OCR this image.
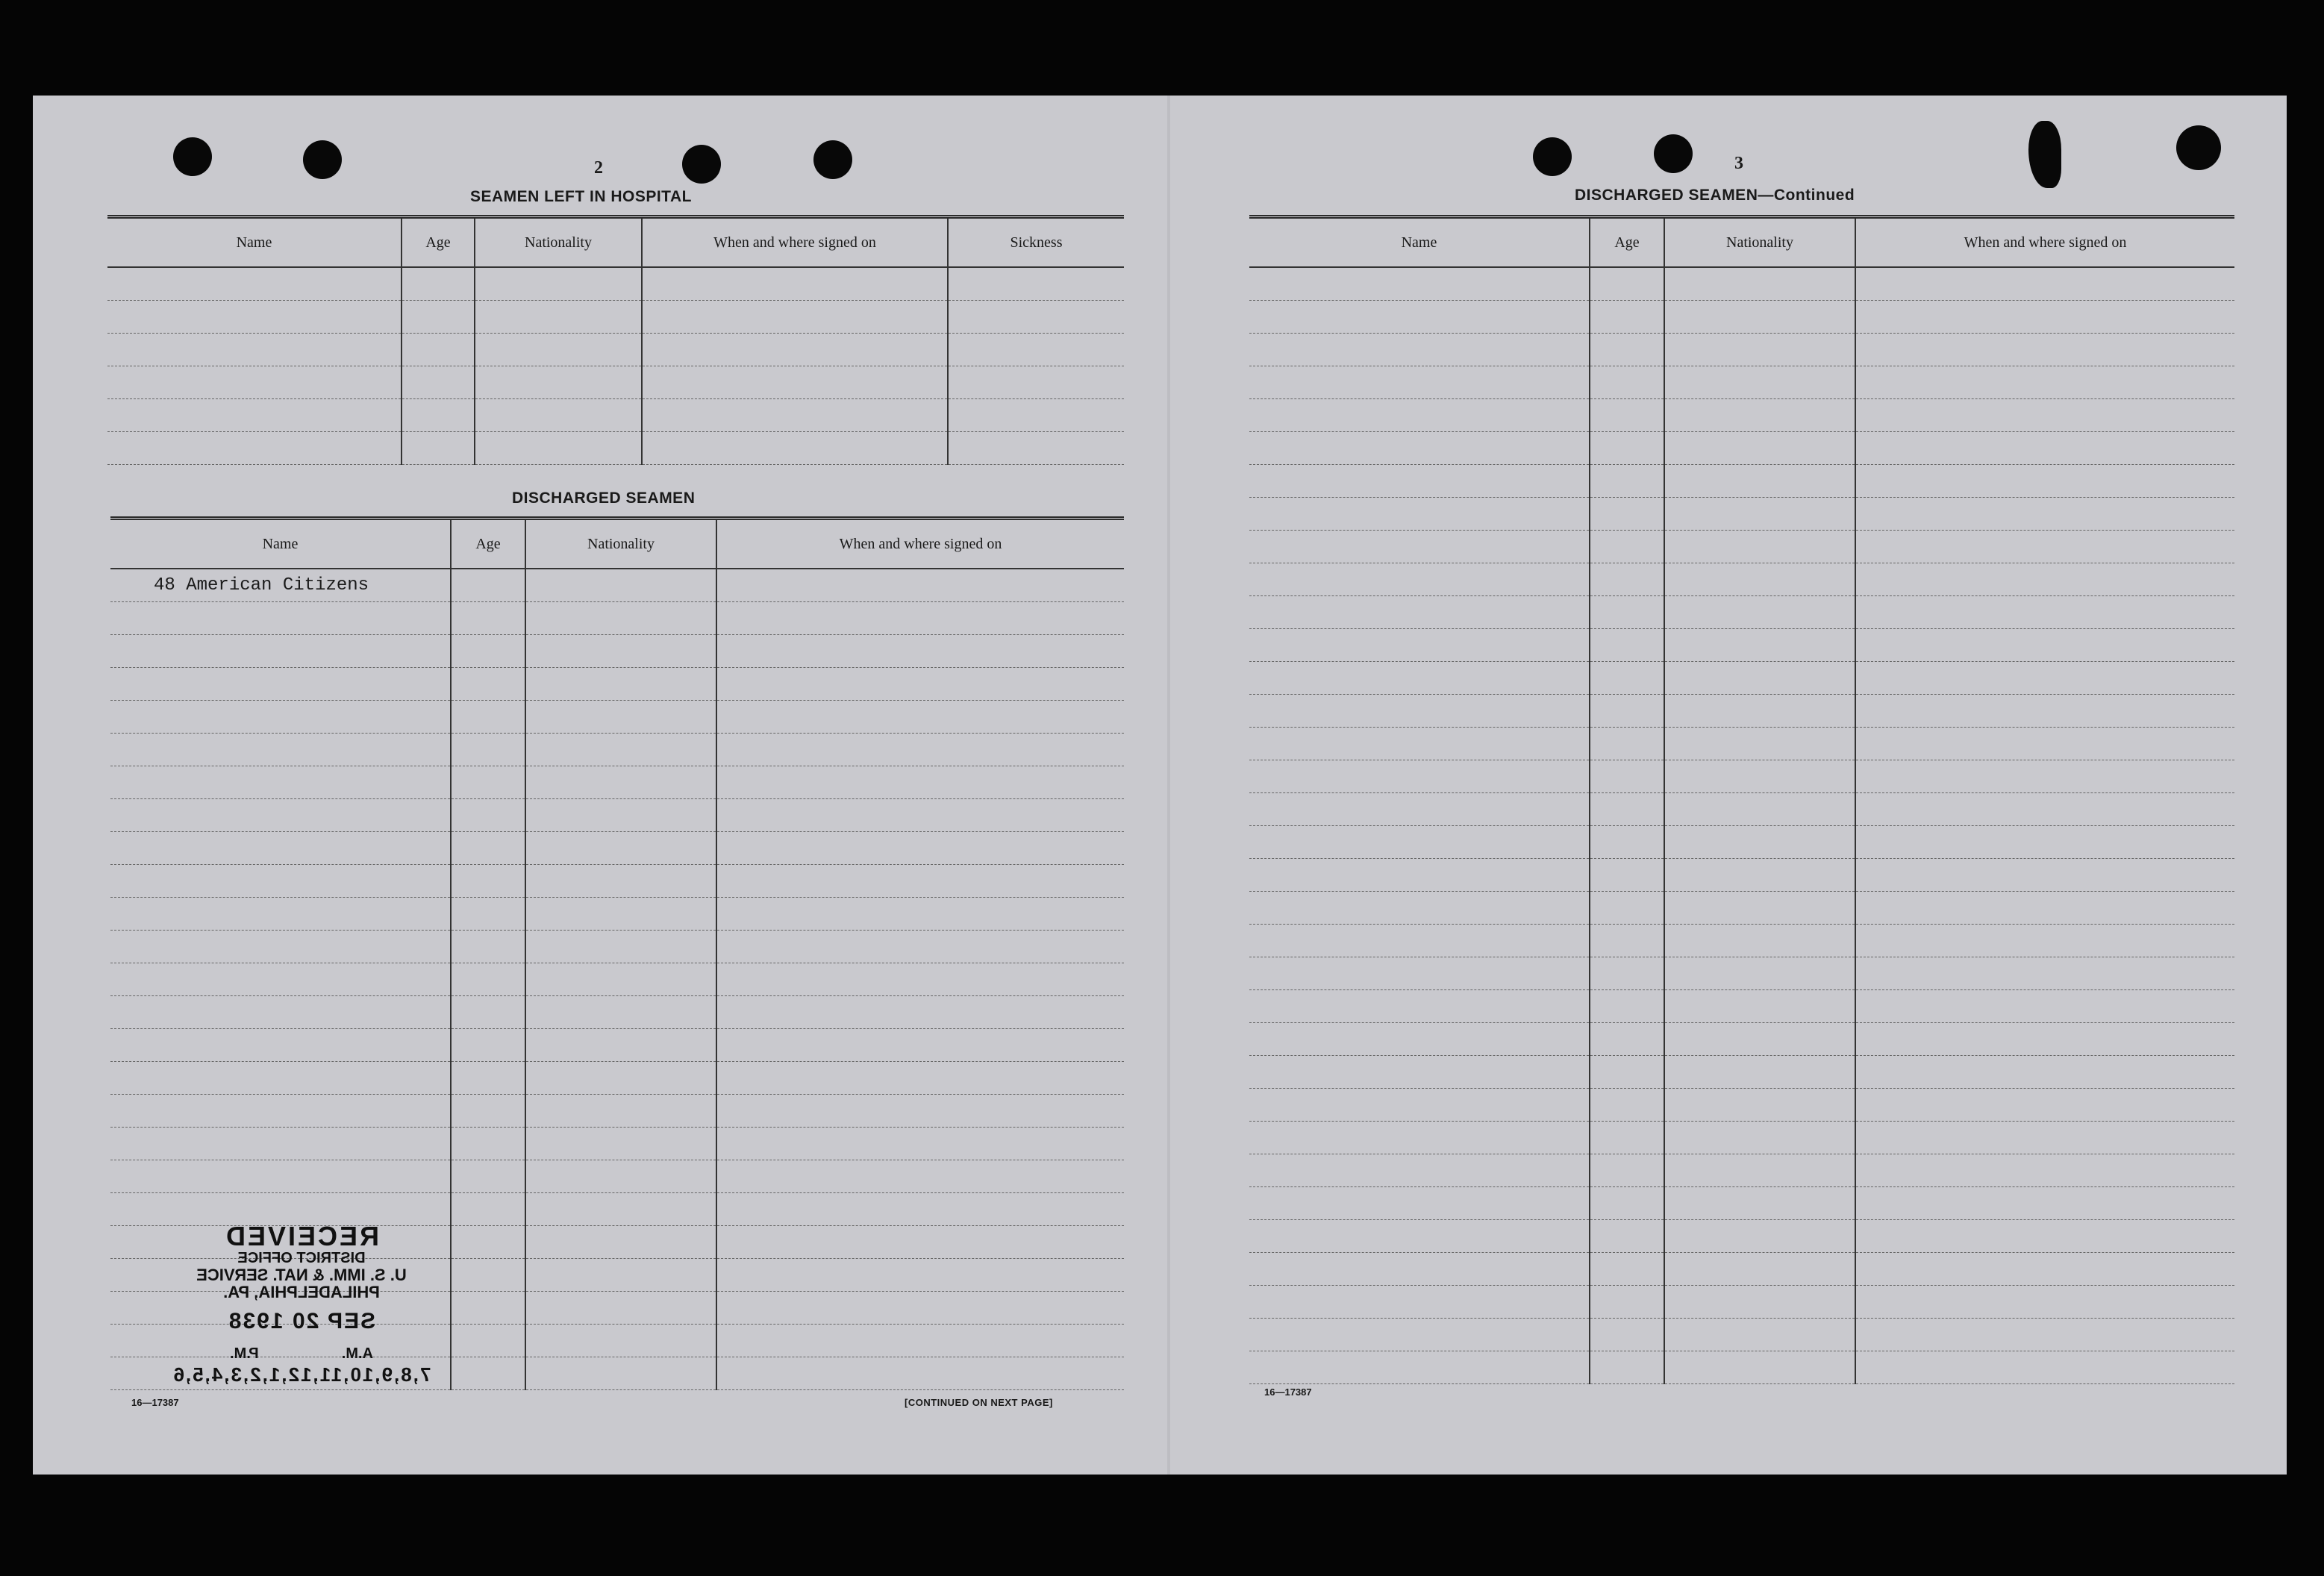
2
SEAMEN LEFT IN HOSPITAL
Name	Age	Nationality	When and where signed on	Sickness

DISCHARGED SEAMEN
Name	Age	Nationality	When and where signed on
48 American Citizens			

RECEIVED
DISTRICT OFFICE
U. S. IMM. & NAT. SERVICE
PHILADELPHIA, PA.
SEP 20 1938
A.M.                    P.M.
7,8,9,10,11,12,1,2,3,4,5,6
16—17387	[CONTINUED ON NEXT PAGE]
3
DISCHARGED SEAMEN—Continued
Name	Age	Nationality	When and where signed on

16—17387
